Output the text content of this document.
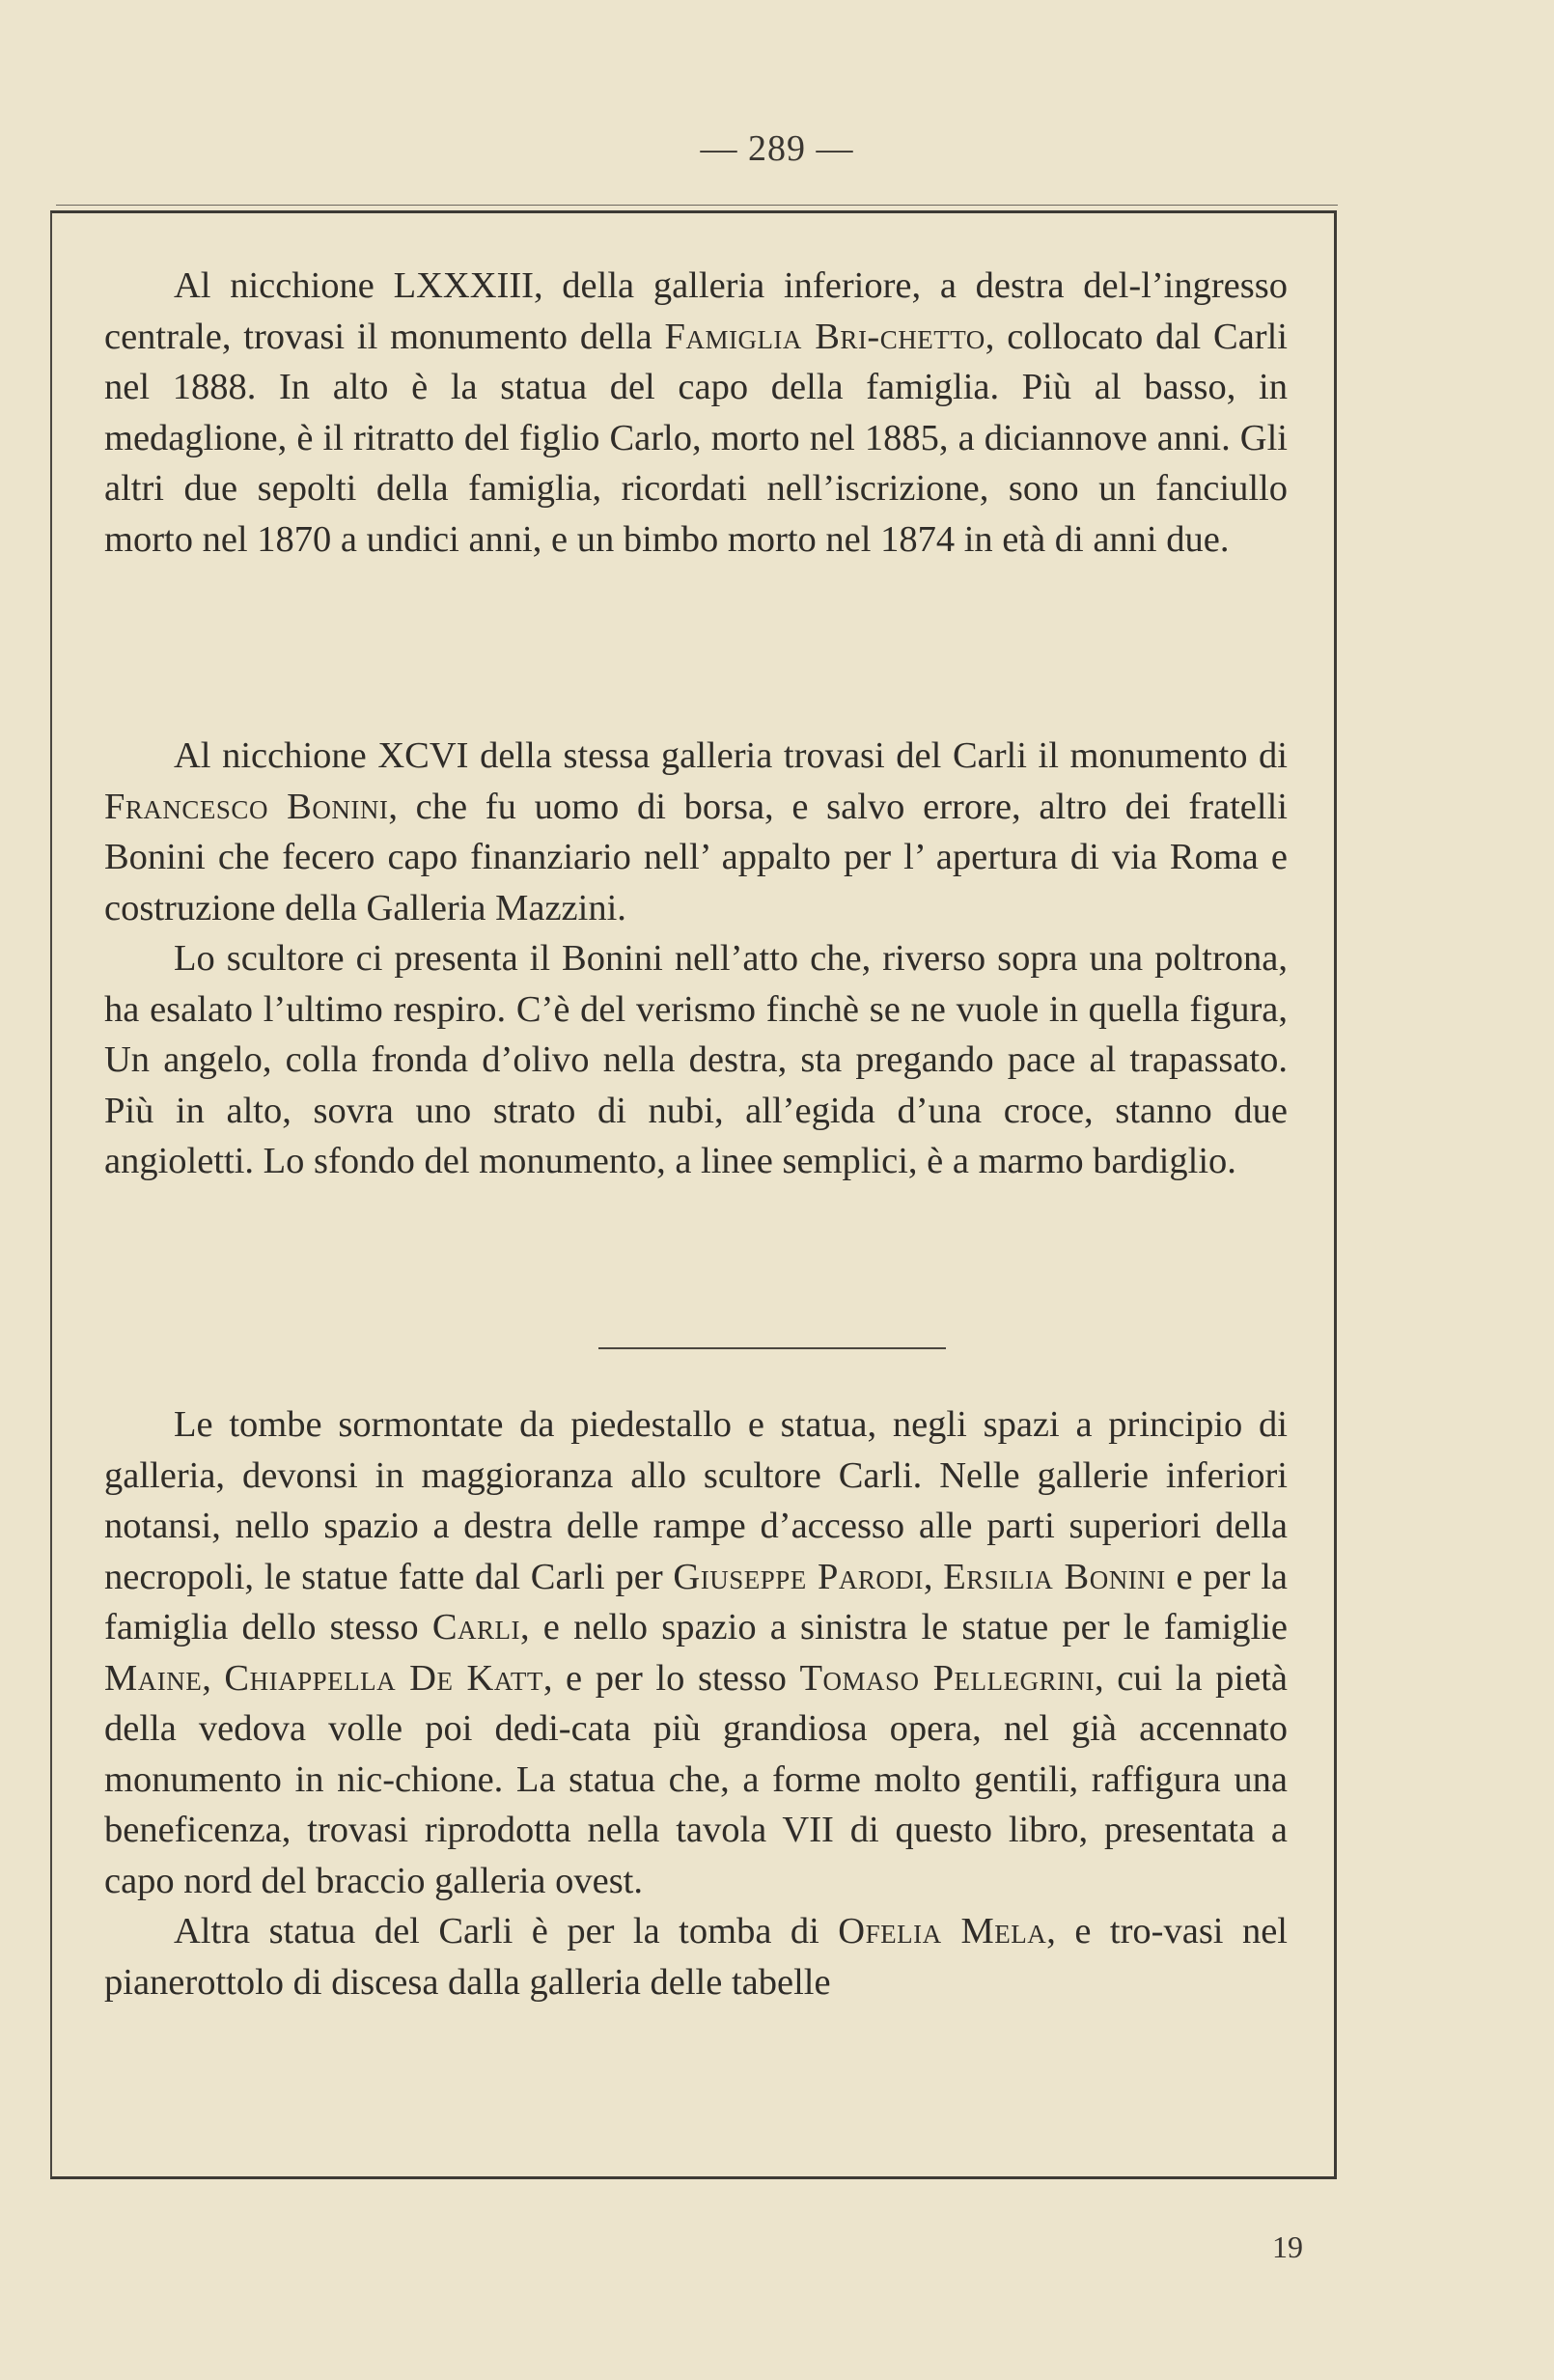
— 289 —

Al nicchione LXXXIII, della galleria inferiore, a destra del-l’ingresso centrale, trovasi il monumento della Famiglia Bri-chetto, collocato dal Carli nel 1888. In alto è la statua del capo della famiglia. Più al basso, in medaglione, è il ritratto del figlio Carlo, morto nel 1885, a diciannove anni. Gli altri due sepolti della famiglia, ricordati nell’iscrizione, sono un fanciullo morto nel 1870 a undici anni, e un bimbo morto nel 1874 in età di anni due.

Al nicchione XCVI della stessa galleria trovasi del Carli il monumento di Francesco Bonini, che fu uomo di borsa, e salvo errore, altro dei fratelli Bonini che fecero capo finanziario nell’ appalto per l’ apertura di via Roma e costruzione della Galleria Mazzini.

Lo scultore ci presenta il Bonini nell’atto che, riverso sopra una poltrona, ha esalato l’ultimo respiro. C’è del verismo finchè se ne vuole in quella figura, Un angelo, colla fronda d’olivo nella destra, sta pregando pace al trapassato. Più in alto, sovra uno strato di nubi, all’egida d’una croce, stanno due angioletti. Lo sfondo del monumento, a linee semplici, è a marmo bardiglio.

Le tombe sormontate da piedestallo e statua, negli spazi a principio di galleria, devonsi in maggioranza allo scultore Carli. Nelle gallerie inferiori notansi, nello spazio a destra delle rampe d’accesso alle parti superiori della necropoli, le statue fatte dal Carli per Giuseppe Parodi, Ersilia Bonini e per la famiglia dello stesso Carli, e nello spazio a sinistra le statue per le famiglie Maine, Chiappella De Katt, e per lo stesso Tomaso Pellegrini, cui la pietà della vedova volle poi dedi-cata più grandiosa opera, nel già accennato monumento in nic-chione. La statua che, a forme molto gentili, raffigura una beneficenza, trovasi riprodotta nella tavola VII di questo libro, presentata a capo nord del braccio galleria ovest.

Altra statua del Carli è per la tomba di Ofelia Mela, e tro-vasi nel pianerottolo di discesa dalla galleria delle tabelle

19
